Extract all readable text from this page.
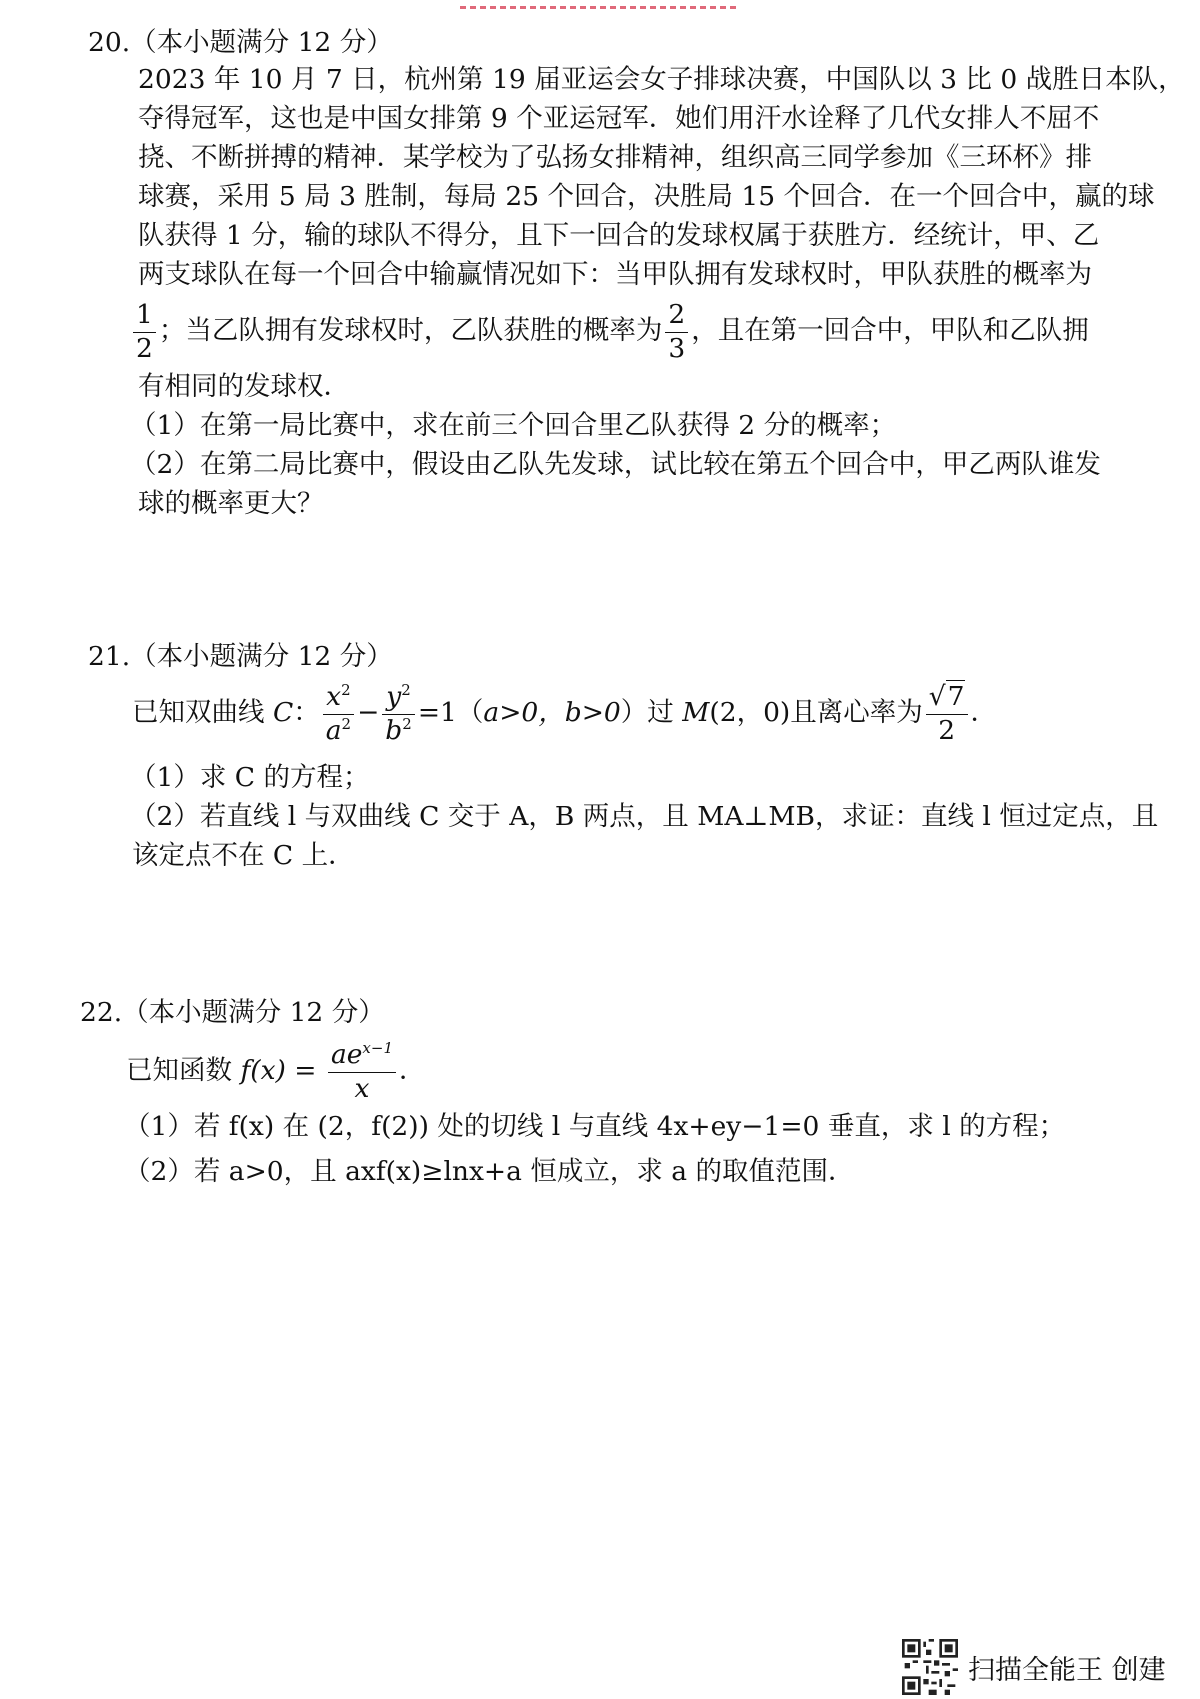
20.（本小题满分 12 分）
2023 年 10 月 7 日，杭州第 19 届亚运会女子排球决赛，中国队以 3 比 0 战胜日本队，
夺得冠军，这也是中国女排第 9 个亚运冠军．她们用汗水诠释了几代女排人不屈不
挠、不断拼搏的精神．某学校为了弘扬女排精神，组织高三同学参加《三环杯》排
球赛，采用 5 局 3 胜制，每局 25 个回合，决胜局 15 个回合．在一个回合中，赢的球
队获得 1 分，输的球队不得分，且下一回合的发球权属于获胜方．经统计，甲、乙
两支球队在每一个回合中输赢情况如下：当甲队拥有发球权时，甲队获胜的概率为
$\frac{1}{2}$ ；当乙队拥有发球权时，乙队获胜的概率为 $\frac{2}{3}$ ，且在第一回合中，甲队和乙队拥
有相同的发球权．
（1）在第一局比赛中，求在前三个回合里乙队获得 2 分的概率；
（2）在第二局比赛中，假设由乙队先发球，试比较在第五个回合中，甲乙两队谁发
球的概率更大？
21.（本小题满分 12 分）
已知双曲线 C： $\frac{x^2}{a^2} - \frac{y^2}{b^2} =1(a>0$，b>0）过 M(2，0)且离心率为 $\frac{√7}{2}$ ．
（1）求 C 的方程；
（2）若直线 l 与双曲线 C 交于 A，B 两点，且 MA⊥MB，求证：直线 l 恒过定点，且
该定点不在 C 上．
22.（本小题满分 12 分）
已知函数 $f(x) = \frac{ae^{x-1}}{x}$ ．
（1）若 f(x) 在 (2，f(2)) 处的切线 l 与直线 4x+ey−1=0 垂直，求 l 的方程；
（2）若 a>0，且 axf(x)≥lnx+a 恒成立，求 a 的取值范围．
扫描全能王 创建
